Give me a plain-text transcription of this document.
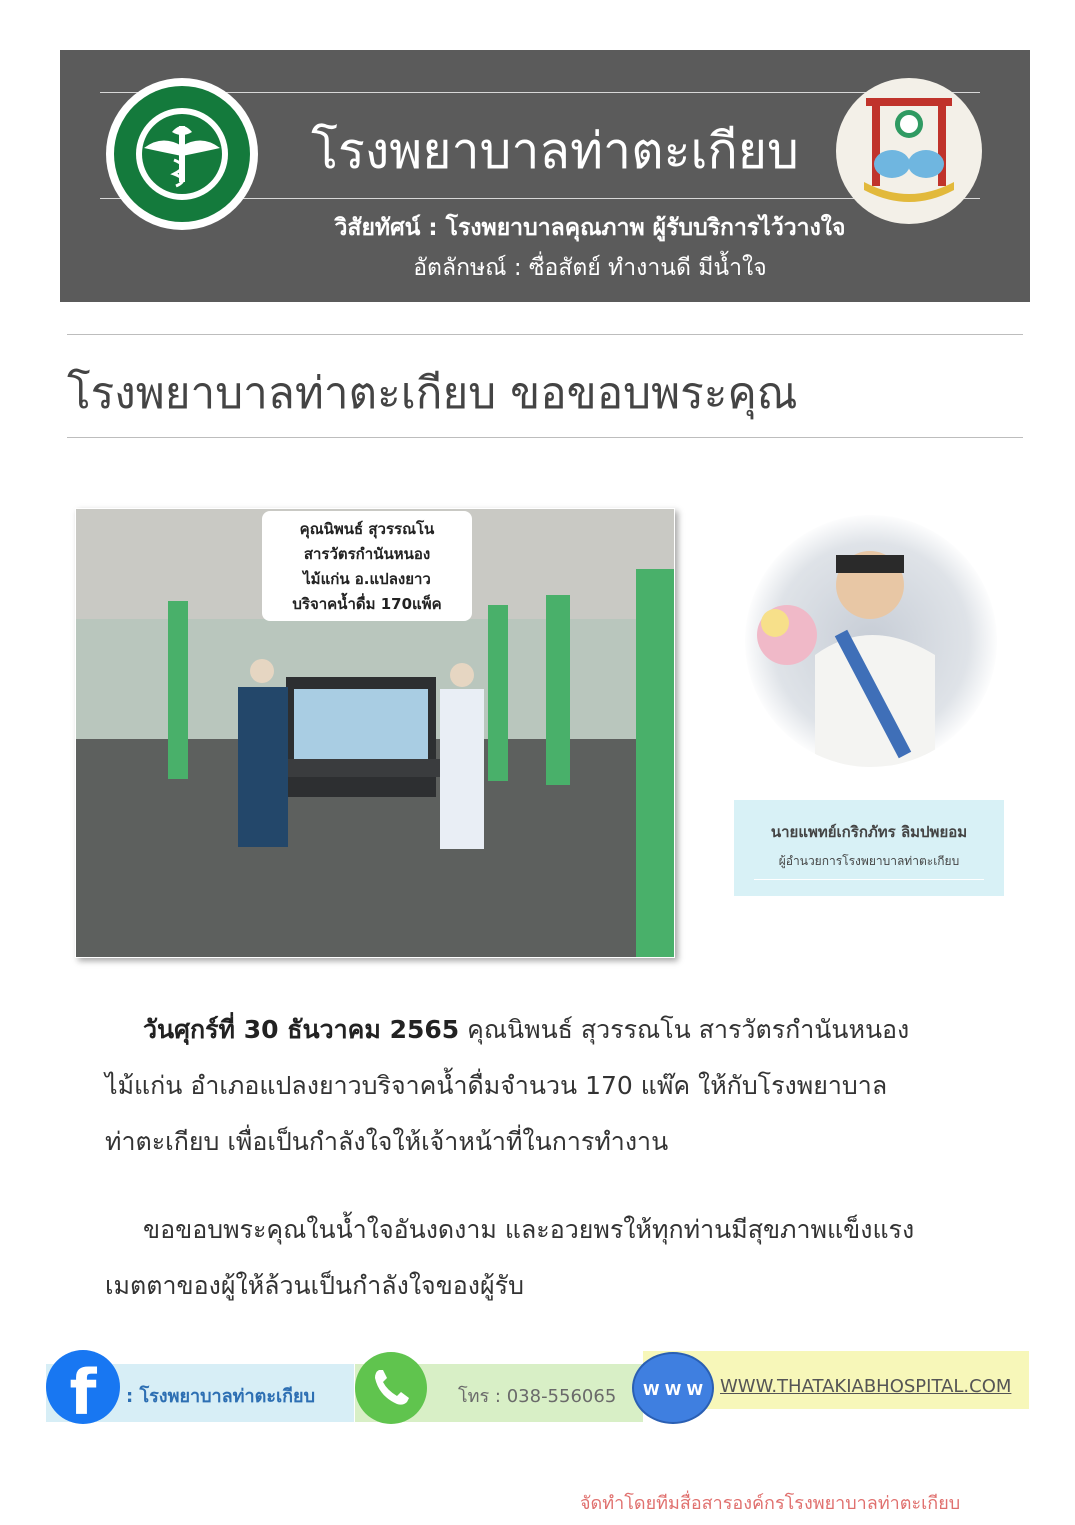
โรงพยาบาลท่าตะเกียบ
วิสัยทัศน์ : โรงพยาบาลคุณภาพ ผู้รับบริการไว้วางใจ
อัตลักษณ์ : ซื่อสัตย์ ทำงานดี มีน้ำใจ
โรงพยาบาลท่าตะเกียบ ขอขอบพระคุณ
คุณนิพนธ์ สุวรรณโน
สารวัตรกำนันหนอง
ไม้แก่น อ.แปลงยาว
บริจาคน้ำดื่ม 170แพ็ค
นายแพทย์เกริกภัทร ลิมปพยอม
ผู้อำนวยการโรงพยาบาลท่าตะเกียบ
วันศุกร์ที่ 30 ธันวาคม 2565 คุณนิพนธ์ สุวรรณโน สารวัตรกำนันหนอง
ไม้แก่น อำเภอแปลงยาวบริจาคน้ำดื่มจำนวน 170 แพ๊ค ให้กับโรงพยาบาล
ท่าตะเกียบ เพื่อเป็นกำลังใจให้เจ้าหน้าที่ในการทำงาน
ขอขอบพระคุณในน้ำใจอันงดงาม และอวยพรให้ทุกท่านมีสุขภาพแข็งแรง
เมตตาของผู้ให้ล้วนเป็นกำลังใจของผู้รับ
f	: โรงพยาบาลท่าตะเกียบ	โทร : 038-556065	W W W WWW.THATAKIABHOSPITAL.COM
จัดทำโดยทีมสื่อสารองค์กรโรงพยาบาลท่าตะเกียบ
